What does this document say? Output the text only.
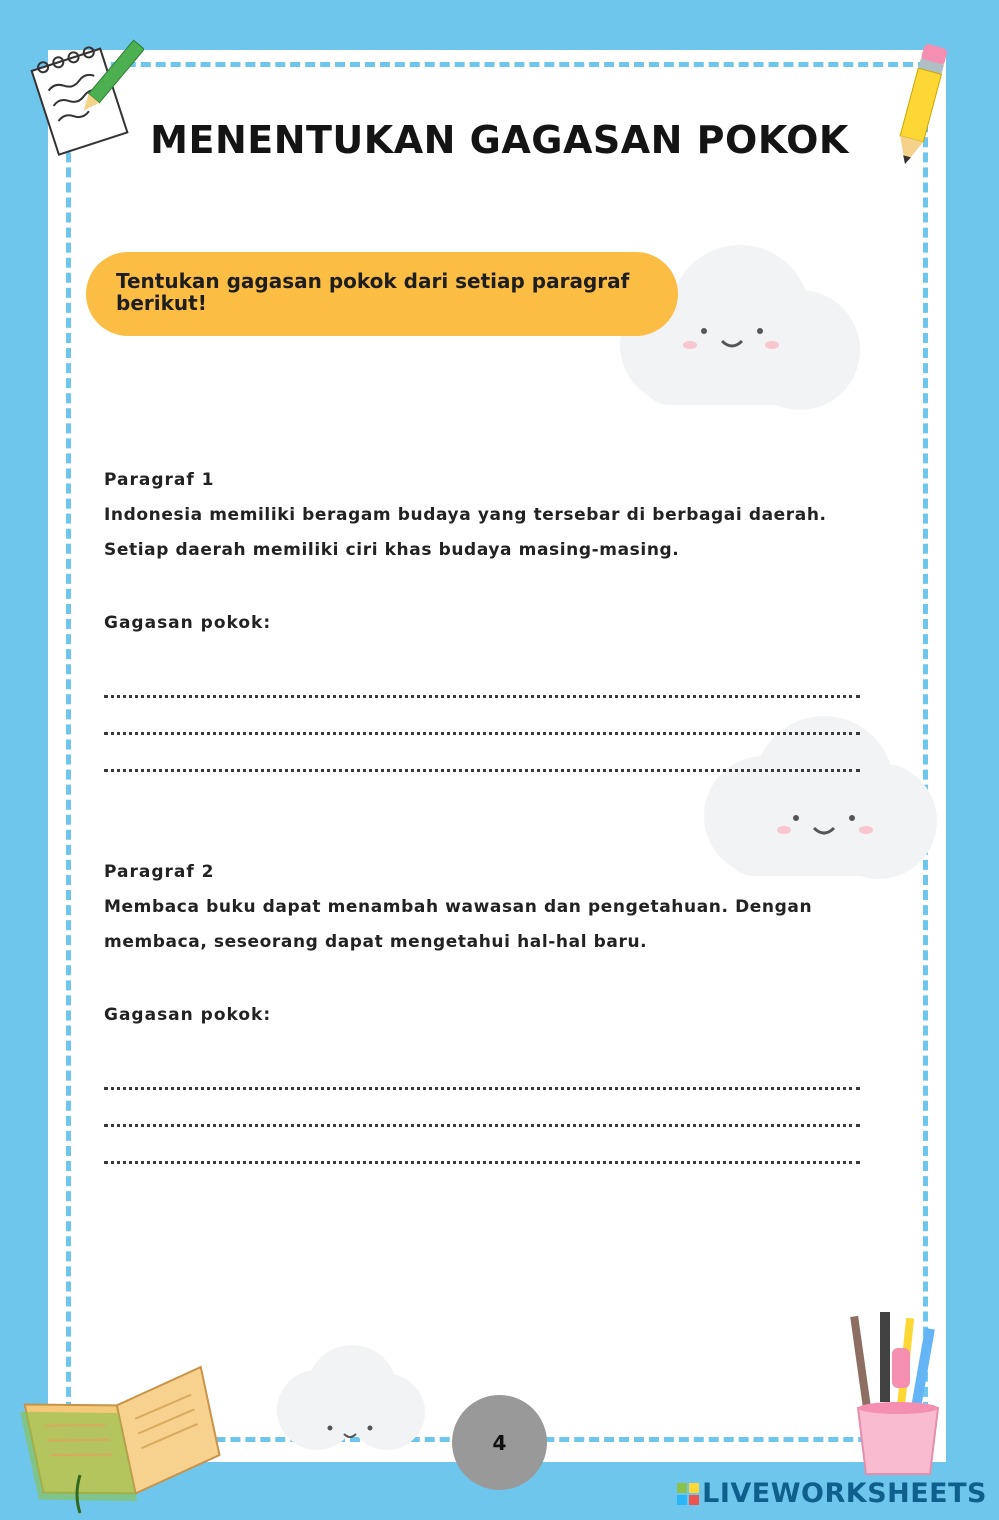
MENENTUKAN GAGASAN POKOK
Tentukan gagasan pokok dari setiap paragraf berikut!
Paragraf 1
Indonesia memiliki beragam budaya yang tersebar di berbagai daerah. Setiap daerah memiliki ciri khas budaya masing-masing.
Gagasan pokok:
Paragraf 2
Membaca buku dapat menambah wawasan dan pengetahuan. Dengan membaca, seseorang dapat mengetahui hal-hal baru.
Gagasan pokok:
4
LIVEWORKSHEETS
